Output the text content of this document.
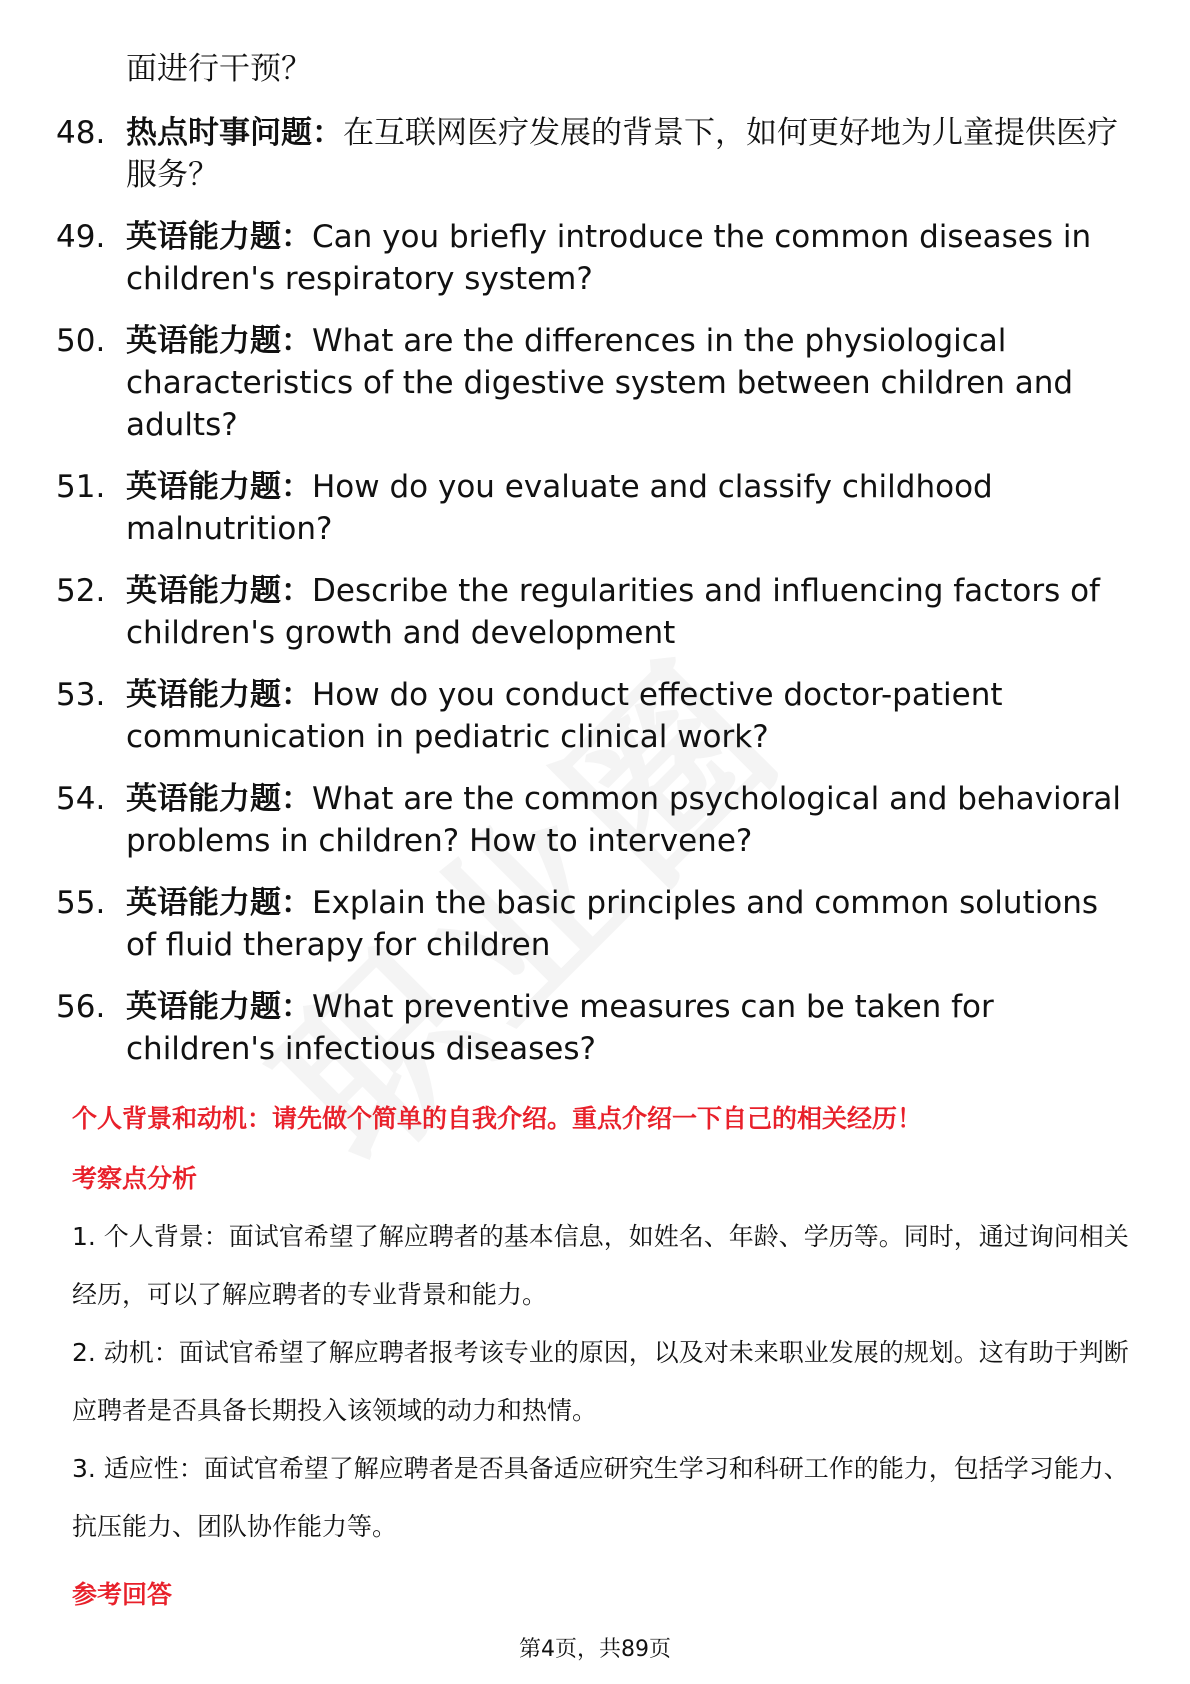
面进行干预？
48. 热点时事问题：在互联网医疗发展的背景下，如何更好地为儿童提供医疗服务？
49. 英语能力题：Can you briefly introduce the common diseases in children's respiratory system?
50. 英语能力题：What are the differences in the physiological characteristics of the digestive system between children and adults?
51. 英语能力题：How do you evaluate and classify childhood malnutrition?
52. 英语能力题：Describe the regularities and influencing factors of children's growth and development
53. 英语能力题：How do you conduct effective doctor-patient communication in pediatric clinical work?
54. 英语能力题：What are the common psychological and behavioral problems in children? How to intervene?
55. 英语能力题：Explain the basic principles and common solutions of fluid therapy for children
56. 英语能力题：What preventive measures can be taken for children's infectious diseases?
个人背景和动机：请先做个简单的自我介绍。重点介绍一下自己的相关经历！
考察点分析

1. 个人背景：面试官希望了解应聘者的基本信息，如姓名、年龄、学历等。同时，通过询问相关经历，可以了解应聘者的专业背景和能力。

2. 动机：面试官希望了解应聘者报考该专业的原因，以及对未来职业发展的规划。这有助于判断应聘者是否具备长期投入该领域的动力和热情。

3. 适应性：面试官希望了解应聘者是否具备适应研究生学习和科研工作的能力，包括学习能力、抗压能力、团队协作能力等。

参考回答
第4页，共89页
